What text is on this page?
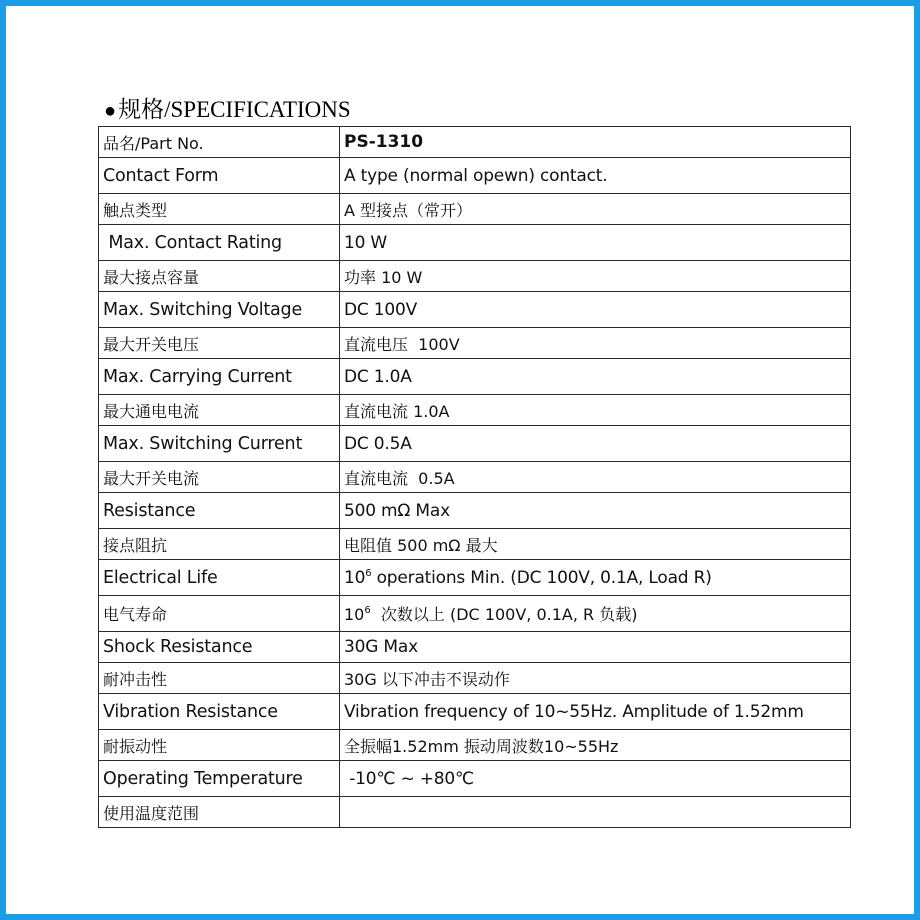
●规格/SPECIFICATIONS
品名/Part No.	PS-1310
Contact Form	A type (normal opewn) contact.
触点类型	A 型接点（常开）
Max. Contact Rating	10 W
最大接点容量	功率 10 W
Max. Switching Voltage	DC 100V
最大开关电压	直流电压  100V
Max. Carrying Current	DC 1.0A
最大通电电流	直流电流 1.0A
Max. Switching Current	DC 0.5A
最大开关电流	直流电流  0.5A
Resistance	500 mΩ Max
接点阻抗	电阻值 500 mΩ 最大
Electrical Life	$10^6$ operations Min. (DC 100V, 0.1A, Load R)
电气寿命	$10^6$  次数以上 (DC 100V, 0.1A, R 负载)
Shock Resistance	30G Max
耐冲击性	30G 以下冲击不误动作
Vibration Resistance	Vibration frequency of 10~55Hz. Amplitude of 1.52mm
耐振动性	全振幅1.52mm 振动周波数10~55Hz
Operating Temperature	-10℃ ~ +80℃
使用温度范围	
